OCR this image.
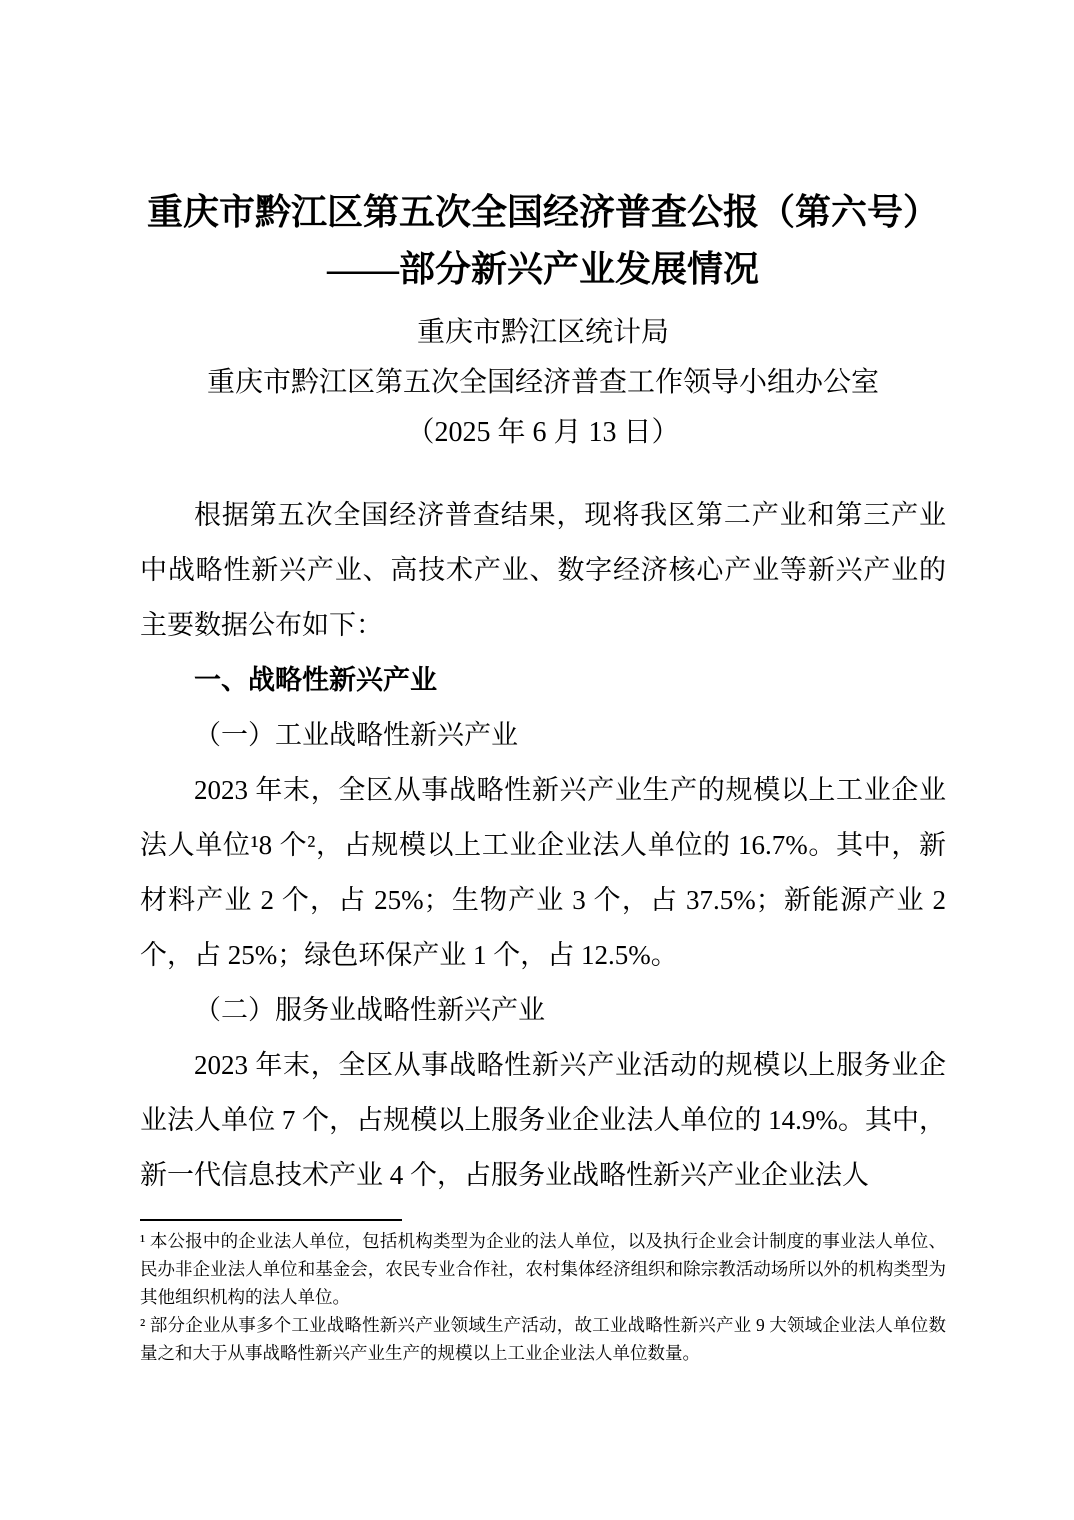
重庆市黔江区第五次全国经济普查公报（第六号）
——部分新兴产业发展情况
重庆市黔江区统计局
重庆市黔江区第五次全国经济普查工作领导小组办公室
（2025 年 6 月 13 日）

根据第五次全国经济普查结果，现将我区第二产业和第三产业中战略性新兴产业、高技术产业、数字经济核心产业等新兴产业的主要数据公布如下：

一、战略性新兴产业

（一）工业战略性新兴产业

2023 年末，全区从事战略性新兴产业生产的规模以上工业企业法人单位¹8 个²，占规模以上工业企业法人单位的 16.7%。其中，新材料产业 2 个，占 25%；生物产业 3 个，占 37.5%；新能源产业 2 个，占 25%；绿色环保产业 1 个，占 12.5%。

（二）服务业战略性新兴产业

2023 年末，全区从事战略性新兴产业活动的规模以上服务业企业法人单位 7 个，占规模以上服务业企业法人单位的 14.9%。其中，新一代信息技术产业 4 个，占服务业战略性新兴产业企业法人

¹ 本公报中的企业法人单位，包括机构类型为企业的法人单位，以及执行企业会计制度的事业法人单位、民办非企业法人单位和基金会，农民专业合作社，农村集体经济组织和除宗教活动场所以外的机构类型为其他组织机构的法人单位。

² 部分企业从事多个工业战略性新兴产业领域生产活动，故工业战略性新兴产业 9 大领域企业法人单位数量之和大于从事战略性新兴产业生产的规模以上工业企业法人单位数量。
